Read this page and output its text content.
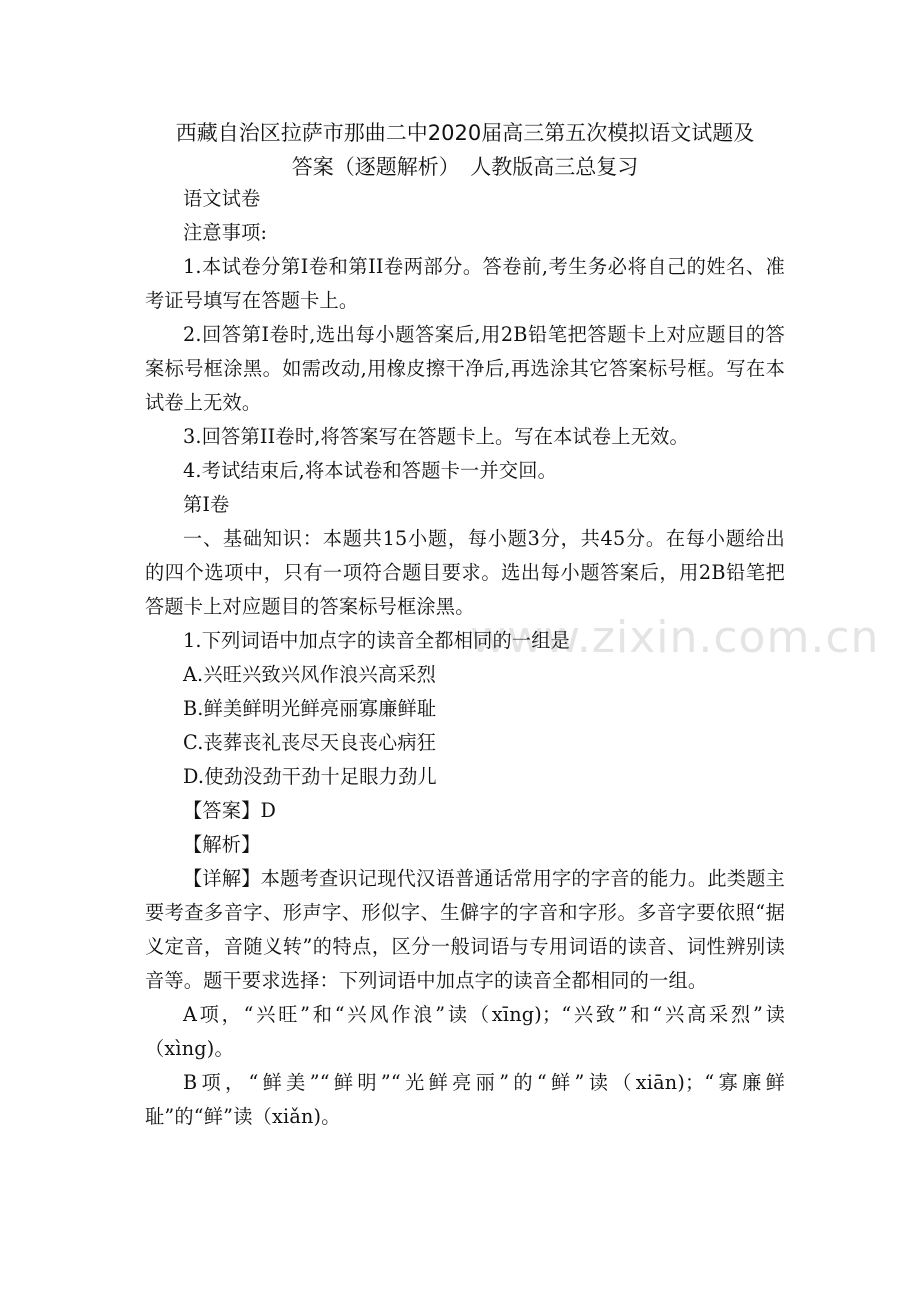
西藏自治区拉萨市那曲二中2020届高三第五次模拟语文试题及
答案（逐题解析）　人教版高三总复习
www.zixin.com.cn

语文试卷

注意事项:

1.本试卷分第Ⅰ卷和第II卷两部分。答卷前,考生务必将自己的姓名、准考证号填写在答题卡上。

2.回答第Ⅰ卷时,选出每小题答案后,用2B铅笔把答题卡上对应题目的答案标号框涂黑。如需改动,用橡皮擦干净后,再选涂其它答案标号框。写在本试卷上无效。

3.回答第II卷时,将答案写在答题卡上。写在本试卷上无效。

4.考试结束后,将本试卷和答题卡一并交回。

第Ⅰ卷

一、基础知识：本题共15小题，每小题3分，共45分。在每小题给出的四个选项中，只有一项符合题目要求。选出每小题答案后，用2B铅笔把答题卡上对应题目的答案标号框涂黑。

1.下列词语中加点字的读音全都相同的一组是

A.兴旺兴致兴风作浪兴高采烈

B.鲜美鲜明光鲜亮丽寡廉鲜耻

C.丧葬丧礼丧尽天良丧心病狂

D.使劲没劲干劲十足眼力劲儿

【答案】D

【解析】

【详解】本题考查识记现代汉语普通话常用字的字音的能力。此类题主要考查多音字、形声字、形似字、生僻字的字音和字形。多音字要依照“据义定音，音随义转”的特点，区分一般词语与专用词语的读音、词性辨别读音等。题干要求选择：下列词语中加点字的读音全都相同的一组。

A项，“兴旺”和“兴风作浪”读（xīng)；“兴致”和“兴高采烈”读（xìng)。

B项，“鲜美”“鲜明”“光鲜亮丽”的“鲜”读（xiān)；“寡廉鲜耻”的“鲜”读（xiǎn)。
